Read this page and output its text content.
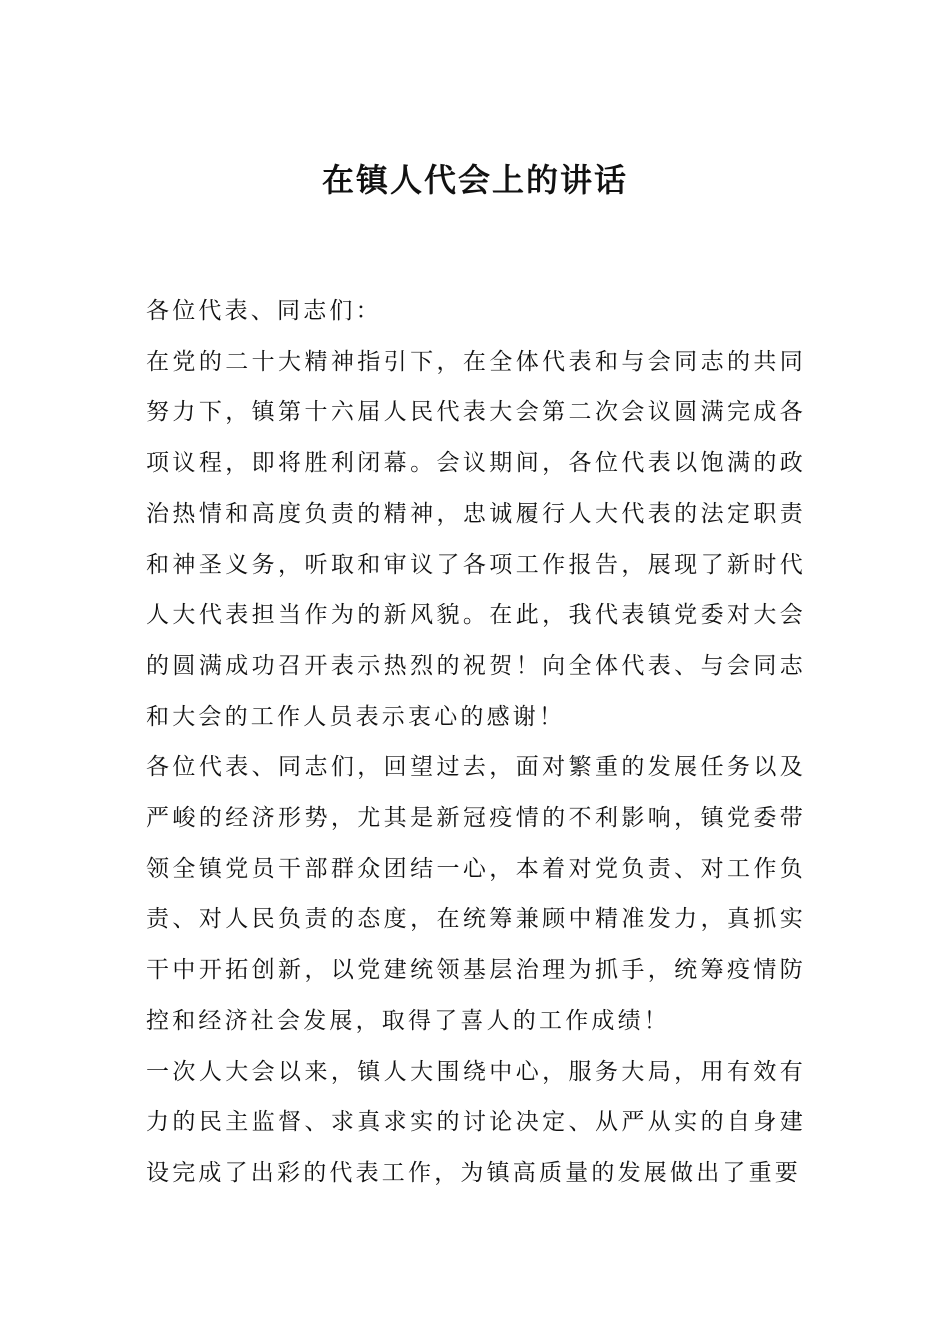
在镇人代会上的讲话

各位代表、同志们：

在党的二十大精神指引下，在全体代表和与会同志的共同努力下，镇第十六届人民代表大会第二次会议圆满完成各项议程，即将胜利闭幕。会议期间，各位代表以饱满的政治热情和高度负责的精神，忠诚履行人大代表的法定职责和神圣义务，听取和审议了各项工作报告，展现了新时代人大代表担当作为的新风貌。在此，我代表镇党委对大会的圆满成功召开表示热烈的祝贺！向全体代表、与会同志和大会的工作人员表示衷心的感谢！

各位代表、同志们，回望过去，面对繁重的发展任务以及严峻的经济形势，尤其是新冠疫情的不利影响，镇党委带领全镇党员干部群众团结一心，本着对党负责、对工作负责、对人民负责的态度，在统筹兼顾中精准发力，真抓实干中开拓创新，以党建统领基层治理为抓手，统筹疫情防控和经济社会发展，取得了喜人的工作成绩！

一次人大会以来，镇人大围绕中心，服务大局，用有效有力的民主监督、求真求实的讨论决定、从严从实的自身建设完成了出彩的代表工作，为镇高质量的发展做出了重要
